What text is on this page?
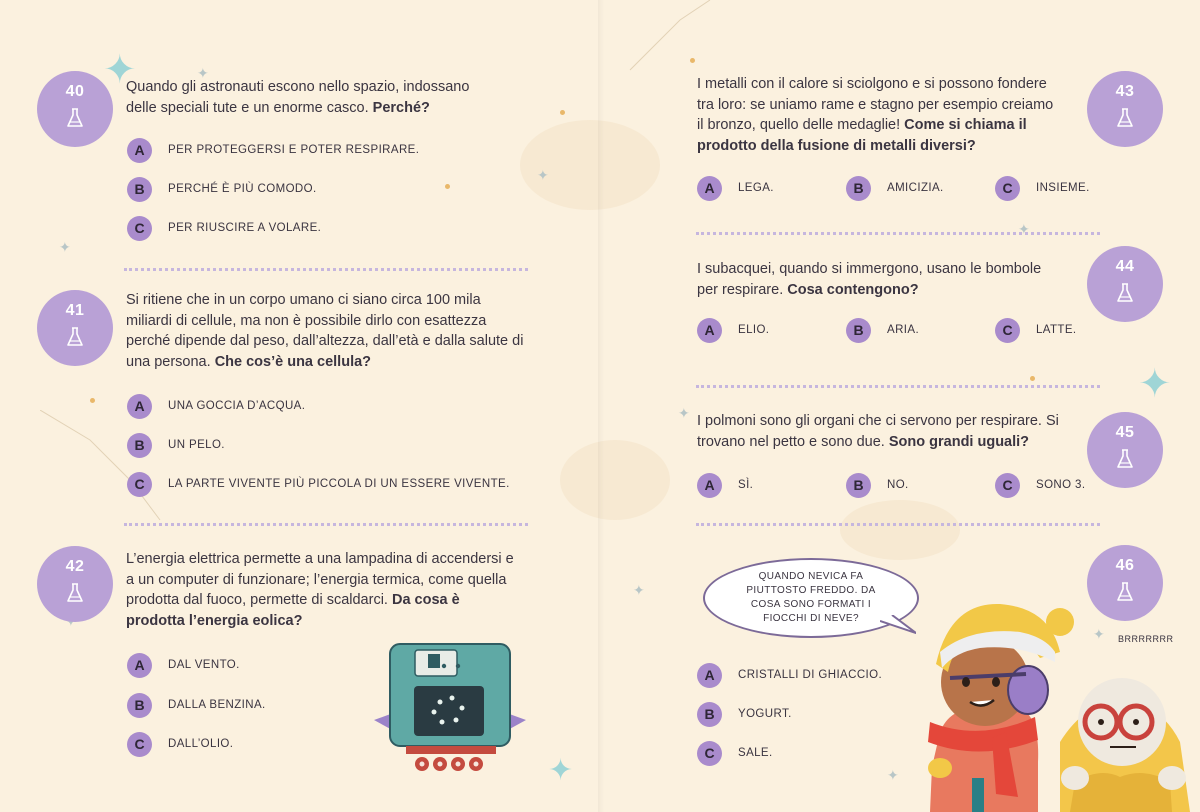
✦
✦
✦
✦
✦
✦
✦
✦
✦
✦
✦
40	Quando gli astronauti escono nello spazio, indossano delle speciali tute e un enorme casco. Perché?
A	PER PROTEGGERSI E POTER RESPIRARE.
B	PERCHÉ È PIÙ COMODO.
C	PER RIUSCIRE A VOLARE.
41
Si ritiene che in un corpo umano ci siano circa 100 mila miliardi di cellule, ma non è possibile dirlo con esattezza perché dipende dal peso, dall’altezza, dall’età e dalla salute di una persona. Che cos’è una cellula?
A	UNA GOCCIA D’ACQUA.
B	UN PELO.
C	LA PARTE VIVENTE PIÙ PICCOLA DI UN ESSERE VIVENTE.
42	L’energia elettrica permette a una lampadina di accendersi e a un computer di funzionare; l’energia termica, come quella prodotta dal fuoco, permette di scaldarci. Da cosa è prodotta l’energia eolica?
A	DAL VENTO.
B	DALLA BENZINA.
C	DALL’OLIO.
43
I metalli con il calore si sciolgono e si possono fondere tra loro: se uniamo rame e stagno per esempio creiamo il bronzo, quello delle medaglie! Come si chiama il prodotto della fusione di metalli diversi?
A	LEGA.	B	AMICIZIA.	C	INSIEME.
44
I subacquei, quando si immergono, usano le bombole per respirare. Cosa contengono?
A	ELIO.	B	ARIA.	C	LATTE.
45
I polmoni sono gli organi che ci servono per respirare. Si trovano nel petto e sono due. Sono grandi uguali?
A	SÌ.	B	NO.	C	SONO 3.
46
QUANDO NEVICA FA PIUTTOSTO FREDDO. DA COSA SONO FORMATI I FIOCCHI DI NEVE?
A	CRISTALLI DI GHIACCIO.
B	YOGURT.
C	SALE.
BRRRRRRR
